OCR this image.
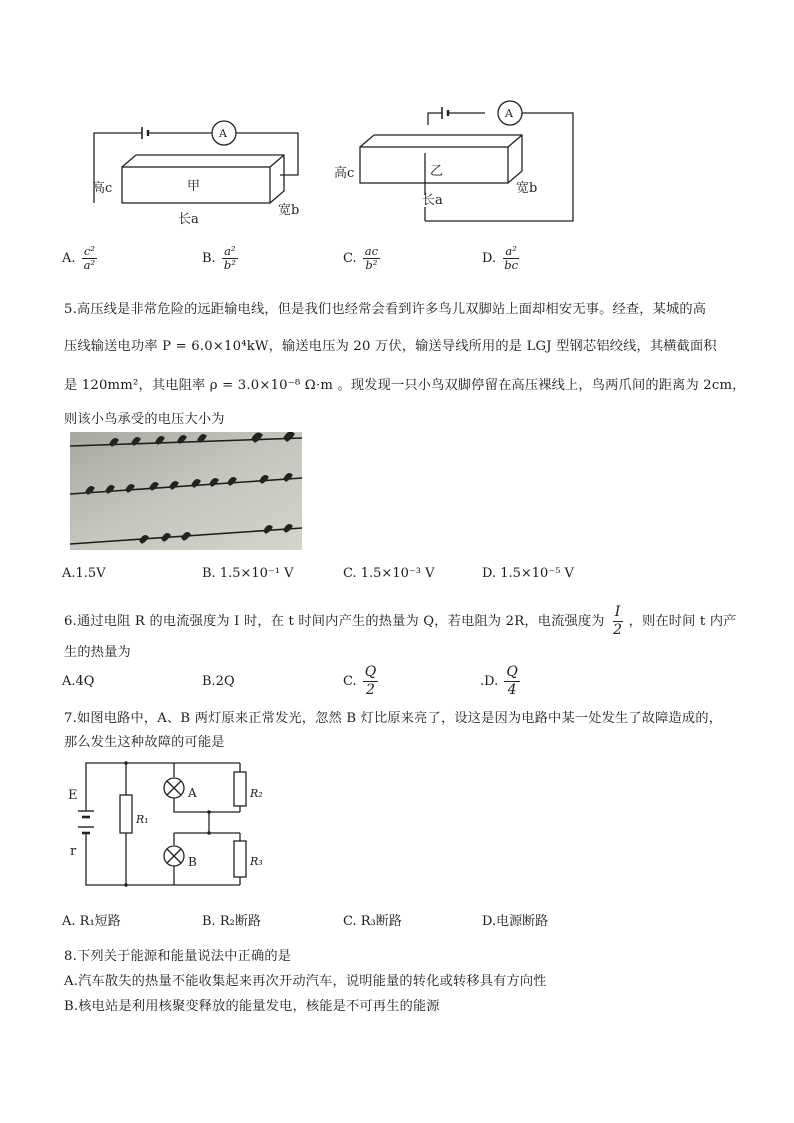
A
A
甲
高c
长a
宽b
乙
高c
长a
宽b
A. $\frac{\text{c²}}{\text{a²}}$	B. $\frac{\text{a²}}{\text{b²}}$	C. $\frac{ac}{\text{b²}}$	D. $\frac{\text{a²}}{bc}$
5.高压线是非常危险的远距输电线，但是我们也经常会看到许多鸟儿双脚站上面却相安无事。经查，某城的高
压线输送电功率 P = 6.0×10⁴kW，输送电压为 20 万伏，输送导线所用的是 LGJ 型钢芯铝绞线，其横截面积
是 120mm²，其电阻率 ρ = 3.0×10⁻⁸ Ω·m 。现发现一只小鸟双脚停留在高压裸线上，鸟两爪间的距离为 2cm，
则该小鸟承受的电压大小为
A.1.5V	B. 1.5×10⁻¹ V	C. 1.5×10⁻³ V	D. 1.5×10⁻⁵ V
6.通过电阻 R 的电流强度为 I 时，在 t 时间内产生的热量为 Q，若电阻为 2R，电流强度为 $\frac{I}{2}$ ，则在时间 t 内产
生的热量为
A.4Q	B.2Q	C. $\frac{Q}{2}$	.D. $\frac{Q}{4}$
7.如图电路中，A、B 两灯原来正常发光，忽然 B 灯比原来亮了，设这是因为电路中某一处发生了故障造成的，
那么发生这种故障的可能是
E
r
R₁
R₂
R₃
A
B
A. R₁短路	B. R₂断路	C. R₃断路	D.电源断路
8.下列关于能源和能量说法中正确的是
A.汽车散失的热量不能收集起来再次开动汽车，说明能量的转化或转移具有方向性
B.核电站是利用核聚变释放的能量发电，核能是不可再生的能源
